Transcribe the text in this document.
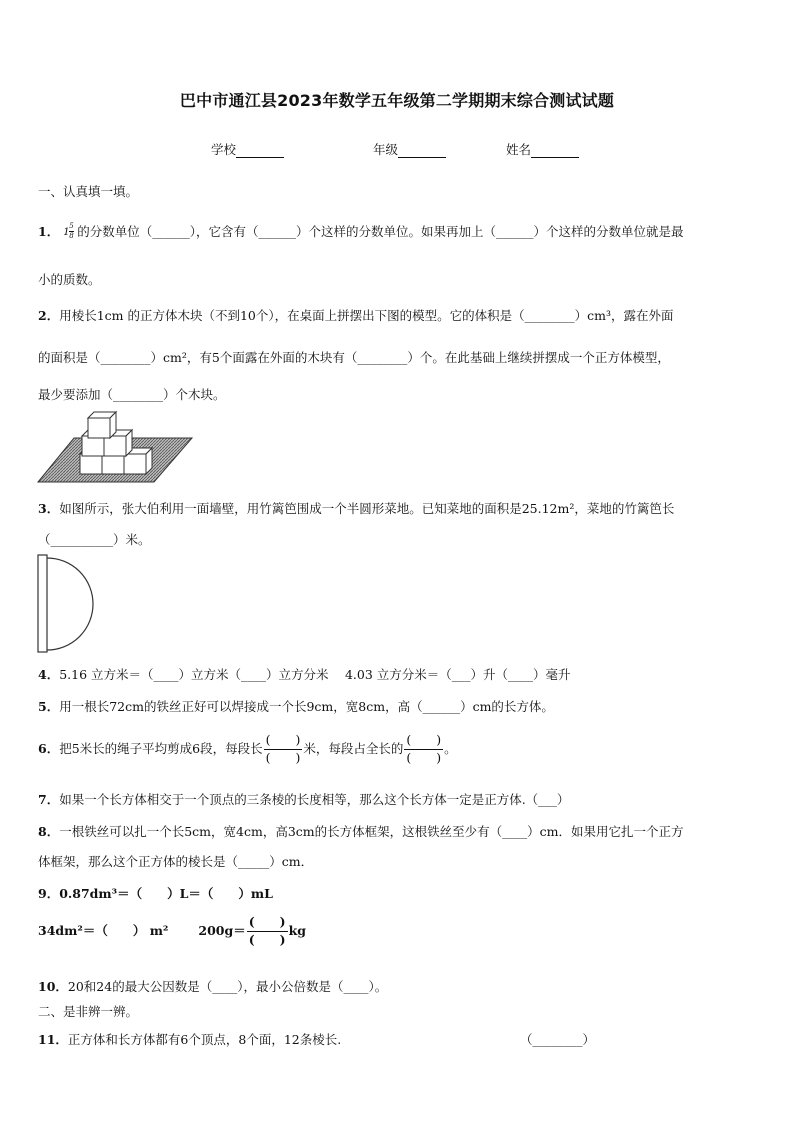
巴中市通江县2023年数学五年级第二学期期末综合测试试题
学校	年级	姓名
一、认真填一填。
1． 1
5
8 的分数单位（______），它含有（______）个这样的分数单位。如果再加上（______）个这样的分数单位就是最
小的质数。
2．用棱长1cm 的正方体木块（不到10个），在桌面上拼摆出下图的模型。它的体积是（________）cm³，露在外面
的面积是（________）cm²，有5个面露在外面的木块有（________）个。在此基础上继续拼摆成一个正方体模型，
最少要添加（________）个木块。
3．如图所示，张大伯利用一面墙壁，用竹篱笆围成一个半圆形菜地。已知菜地的面积是25.12m²，菜地的竹篱笆长
（__________）米。
4．5.16 立方米＝（____）立方米（____）立方分米　 4.03 立方分米＝（___）升（____）毫升
5．用一根长72cm的铁丝正好可以焊接成一个长9cm，宽8cm，高（______）cm的长方体。
6．把5米长的绳子平均剪成6段，每段长 $\frac{( )}{( )}$ 米，每段占全长的 $\frac{( )}{( )}$ 。
7．如果一个长方体相交于一个顶点的三条棱的长度相等，那么这个长方体一定是正方体.（___）
8．一根铁丝可以扎一个长5cm，宽4cm，高3cm的长方体框架，这根铁丝至少有（____）cm．如果用它扎一个正方
体框架，那么这个正方体的棱长是（_____）cm．
9．0.87dm³＝（　　）L＝（　　）mL
34dm²＝（　　） m² $200g= \frac{( )}{( )}$ kg
10．20和24的最大公因数是（____），最小公倍数是（____）。
二、是非辨一辨。
11．正方体和长方体都有6个顶点，8个面，12条棱长.	（________）
